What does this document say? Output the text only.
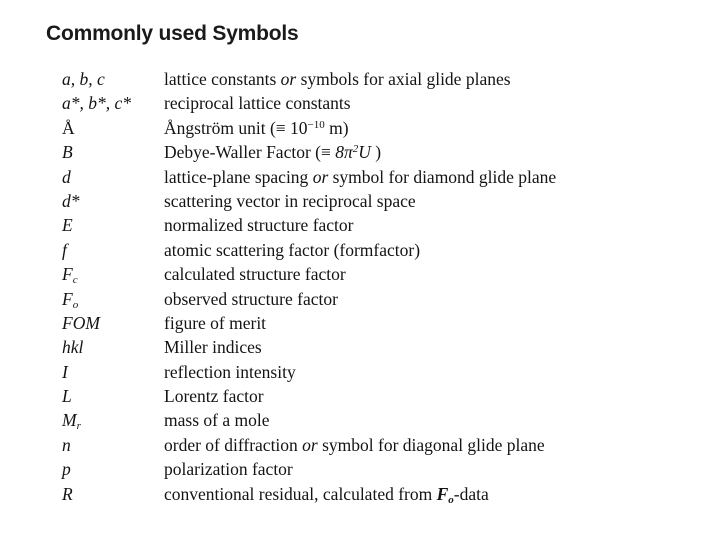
Commonly used Symbols
a, b, c	lattice constants or symbols for axial glide planes
a*, b*, c*	reciprocal lattice constants
Å	Ångström unit (≡ $10^{-10}$ m)
B	Debye-Waller Factor (≡ $8\pi^2U$ )
d	lattice-plane spacing or symbol for diamond glide plane
d*	scattering vector in reciprocal space
E	normalized structure factor
f	atomic scattering factor (formfactor)
$F_c$	calculated structure factor
$F_o$	observed structure factor
FOM	figure of merit
hkl	Miller indices
I	reflection intensity
L	Lorentz factor
$M_r$	mass of a mole
n	order of diffraction or symbol for diagonal glide plane
p	polarization factor
R	conventional residual, calculated from $F_o$-data
